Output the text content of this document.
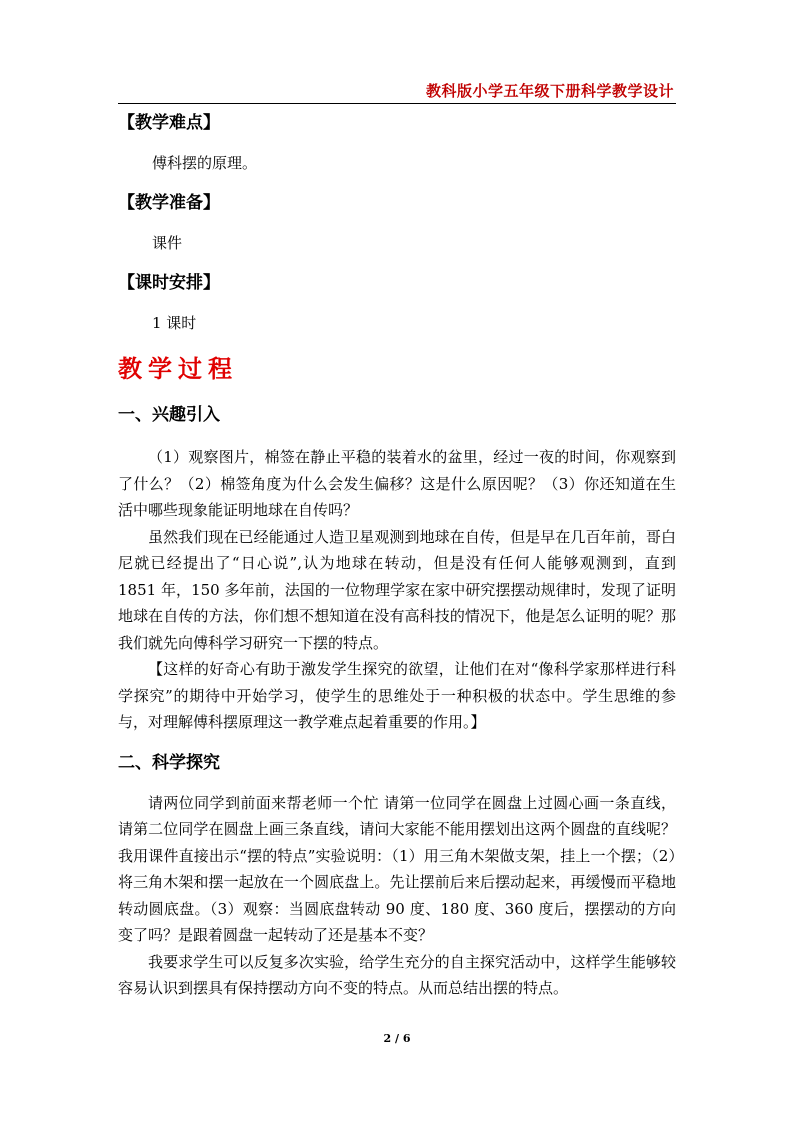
教科版小学五年级下册科学教学设计

【教学难点】

傅科摆的原理。

【教学准备】

课件

【课时安排】

1 课时

教学过程

一、兴趣引入

（1）观察图片，棉签在静止平稳的装着水的盆里，经过一夜的时间，你观察到了什么？（2）棉签角度为什么会发生偏移？这是什么原因呢？（3）你还知道在生活中哪些现象能证明地球在自传吗？

虽然我们现在已经能通过人造卫星观测到地球在自传，但是早在几百年前，哥白尼就已经提出了“日心说”,认为地球在转动，但是没有任何人能够观测到，直到 1851 年，150 多年前，法国的一位物理学家在家中研究摆摆动规律时，发现了证明地球在自传的方法，你们想不想知道在没有高科技的情况下，他是怎么证明的呢？那我们就先向傅科学习研究一下摆的特点。

【这样的好奇心有助于激发学生探究的欲望，让他们在对“像科学家那样进行科学探究”的期待中开始学习，使学生的思维处于一种积极的状态中。学生思维的参与，对理解傅科摆原理这一教学难点起着重要的作用。】

二、科学探究

请两位同学到前面来帮老师一个忙 请第一位同学在圆盘上过圆心画一条直线，请第二位同学在圆盘上画三条直线，请问大家能不能用摆划出这两个圆盘的直线呢？我用课件直接出示“摆的特点”实验说明：（1）用三角木架做支架，挂上一个摆；（2）将三角木架和摆一起放在一个圆底盘上。先让摆前后来后摆动起来，再缓慢而平稳地转动圆底盘。（3）观察：当圆底盘转动 90 度、180 度、360 度后，摆摆动的方向变了吗？是跟着圆盘一起转动了还是基本不变？

我要求学生可以反复多次实验，给学生充分的自主探究活动中，这样学生能够较容易认识到摆具有保持摆动方向不变的特点。从而总结出摆的特点。

2 / 6
